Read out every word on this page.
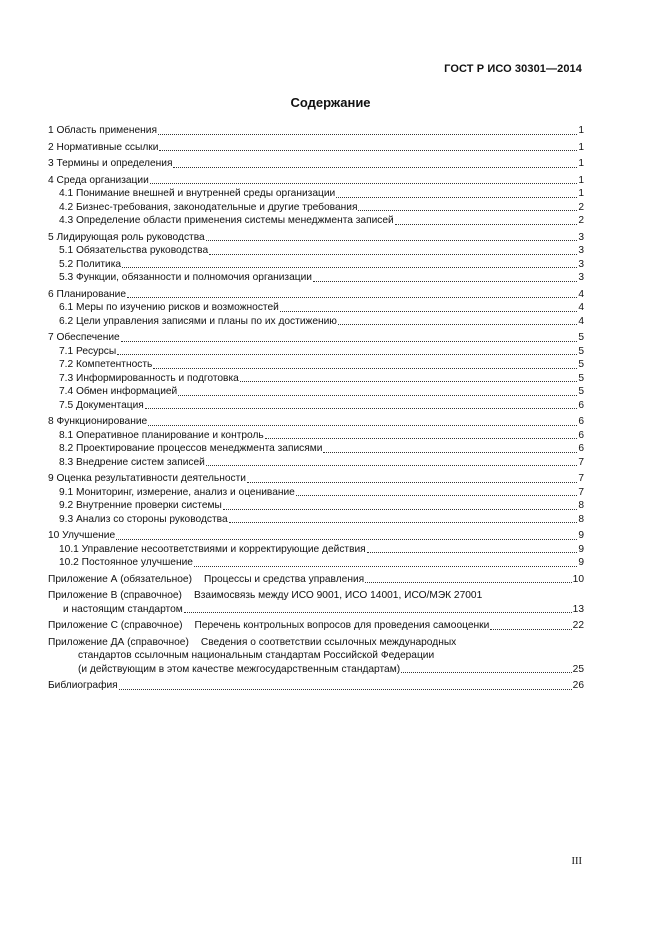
ГОСТ Р ИСО 30301—2014
Содержание
1 Область применения	1
2 Нормативные ссылки	1
3 Термины и определения	1
4 Среда организации	1
4.1 Понимание внешней и внутренней среды организации	1
4.2 Бизнес-требования, законодательные и другие требования	2
4.3 Определение области применения системы менеджмента записей	2
5 Лидирующая роль руководства	3
5.1 Обязательства руководства	3
5.2 Политика	3
5.3 Функции, обязанности и полномочия организации	3
6 Планирование	4
6.1 Меры по изучению рисков и возможностей	4
6.2 Цели управления записями и планы по их достижению	4
7 Обеспечение	5
7.1 Ресурсы	5
7.2 Компетентность	5
7.3 Информированность и подготовка	5
7.4 Обмен информацией	5
7.5 Документация	6
8 Функционирование	6
8.1 Оперативное планирование и контроль	6
8.2 Проектирование процессов менеджмента записями	6
8.3 Внедрение систем записей	7
9 Оценка результативности деятельности	7
9.1 Мониторинг, измерение, анализ и оценивание	7
9.2 Внутренние проверки системы	8
9.3 Анализ со стороны руководства	8
10 Улучшение	9
10.1 Управление несоответствиями и корректирующие действия	9
10.2 Постоянное улучшение	9
Приложение А (обязательное) Процессы и средства управления	10
Приложение В (справочное) Взаимосвязь между ИСО 9001, ИСО 14001, ИСО/МЭК 27001
и настоящим стандартом	13
Приложение С (справочное) Перечень контрольных вопросов для проведения самооценки	22
Приложение ДА (справочное) Сведения о соответствии ссылочных международных
стандартов ссылочным национальным стандартам Российской Федерации
(и действующим в этом качестве межгосударственным стандартам)	25
Библиография	26
III
